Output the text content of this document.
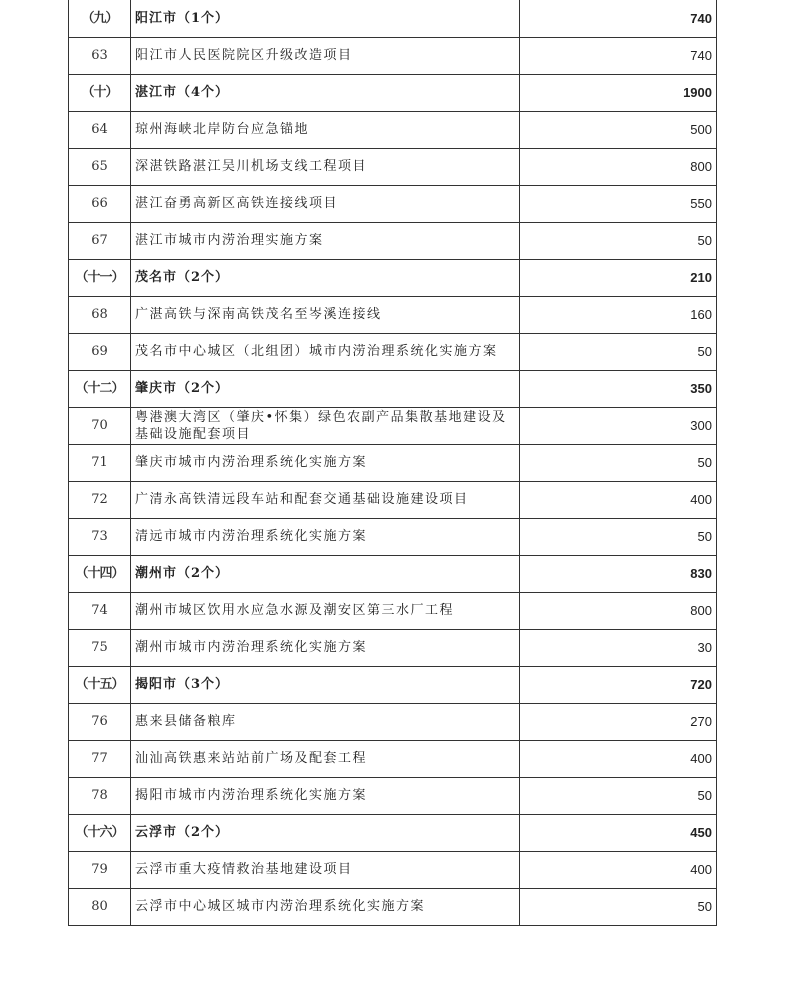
（九）	阳江市（1个）	740
63	阳江市人民医院院区升级改造项目	740
（十）	湛江市（4个）	1900
64	琼州海峡北岸防台应急锚地	500
65	深湛铁路湛江吴川机场支线工程项目	800
66	湛江奋勇高新区高铁连接线项目	550
67	湛江市城市内涝治理实施方案	50
（十一）	茂名市（2个）	210
68	广湛高铁与深南高铁茂名至岑溪连接线	160
69	茂名市中心城区（北组团）城市内涝治理系统化实施方案	50
（十二）	肇庆市（2个）	350
70	粤港澳大湾区（肇庆•怀集）绿色农副产品集散基地建设及基础设施配套项目	300
71	肇庆市城市内涝治理系统化实施方案	50
72	广清永高铁清远段车站和配套交通基础设施建设项目	400
73	清远市城市内涝治理系统化实施方案	50
（十四）	潮州市（2个）	830
74	潮州市城区饮用水应急水源及潮安区第三水厂工程	800
75	潮州市城市内涝治理系统化实施方案	30
（十五）	揭阳市（3个）	720
76	惠来县储备粮库	270
77	汕汕高铁惠来站站前广场及配套工程	400
78	揭阳市城市内涝治理系统化实施方案	50
（十六）	云浮市（2个）	450
79	云浮市重大疫情救治基地建设项目	400
80	云浮市中心城区城市内涝治理系统化实施方案	50
